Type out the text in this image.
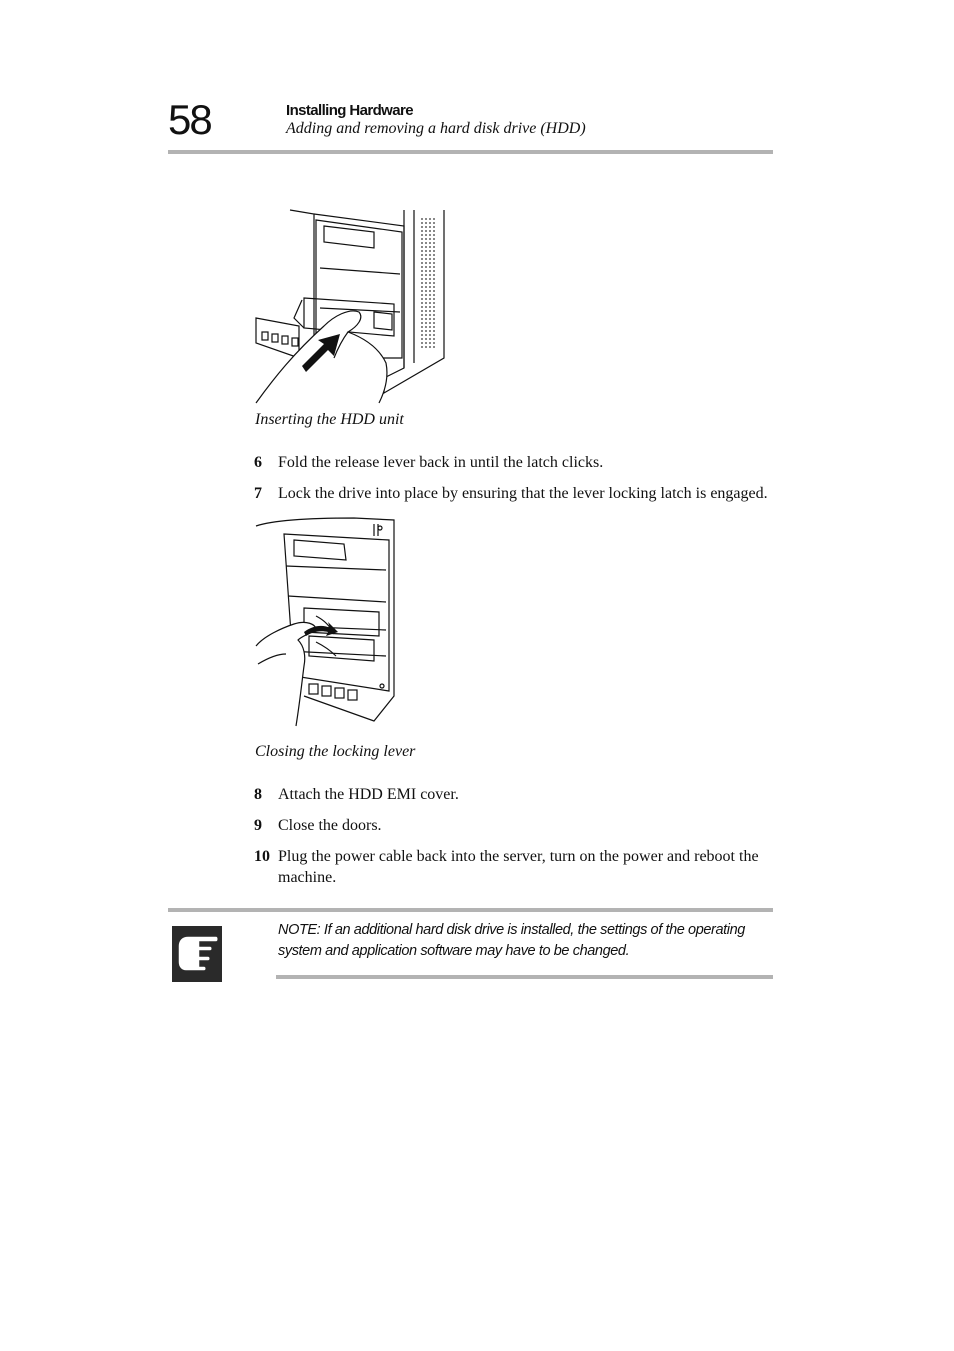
58	Installing Hardware
Adding and removing a hard disk drive (HDD)
Inserting the HDD unit
6 Fold the release lever back in until the latch clicks.
7 Lock the drive into place by ensuring that the lever locking latch is engaged.
Closing the locking lever
8 Attach the HDD EMI cover.
9 Close the doors.
10 Plug the power cable back into the server, turn on the power and reboot the machine.
NOTE: If an additional hard disk drive is installed, the settings of the operating system and application software may have to be changed.
